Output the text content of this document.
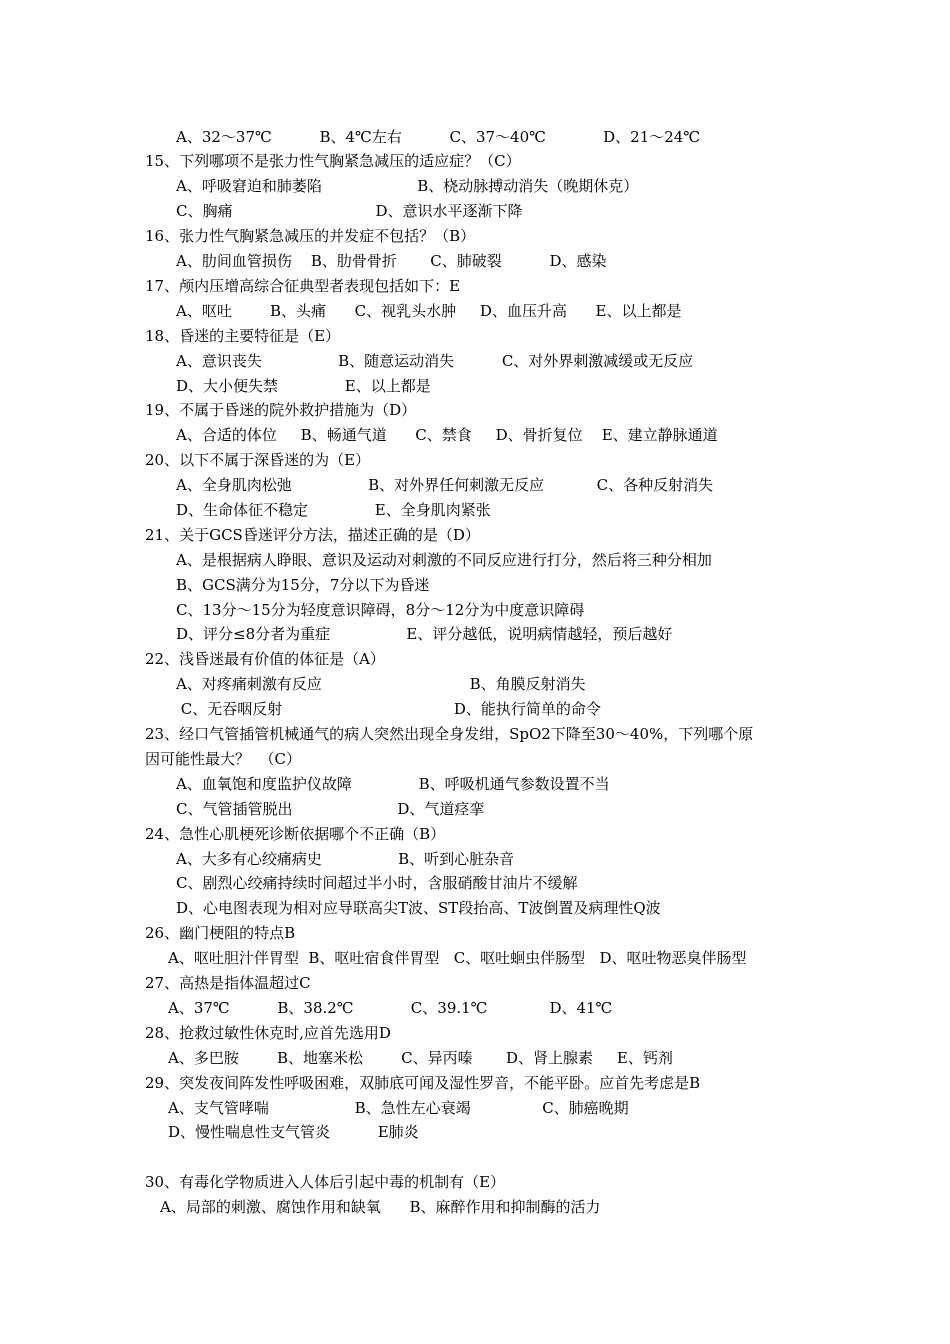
A、32～37℃          B、4℃左右          C、37～40℃            D、21～24℃
15、下列哪项不是张力性气胸紧急减压的适应症？（C）
A、呼吸窘迫和肺萎陷                    B、桡动脉搏动消失（晚期休克）
C、胸痛                              D、意识水平逐渐下降
16、张力性气胸紧急减压的并发症不包括？（B）
A、肋间血管损伤    B、肋骨骨折       C、肺破裂          D、感染
17、颅内压增高综合征典型者表现包括如下：E
A、呕吐        B、头痛      C、视乳头水肿     D、血压升高      E、以上都是
18、昏迷的主要特征是（E）
A、意识丧失                B、随意运动消失          C、对外界刺激减缓或无反应
D、大小便失禁              E、以上都是
19、不属于昏迷的院外救护措施为（D）
A、合适的体位     B、畅通气道      C、禁食     D、骨折复位    E、建立静脉通道
20、以下不属于深昏迷的为（E）
A、全身肌肉松弛                B、对外界任何刺激无反应           C、各种反射消失
D、生命体征不稳定              E、全身肌肉紧张
21、关于GCS昏迷评分方法，描述正确的是（D）
A、是根据病人睁眼、意识及运动对刺激的不同反应进行打分，然后将三种分相加
B、GCS满分为15分，7分以下为昏迷
C、13分～15分为轻度意识障碍，8分～12分为中度意识障碍
D、评分≤8分者为重症                E、评分越低，说明病情越轻，预后越好
22、浅昏迷最有价值的体征是（A）
A、对疼痛刺激有反应                               B、角膜反射消失
C、无吞咽反射                                    D、能执行简单的命令
23、经口气管插管机械通气的病人突然出现全身发绀，SpO2下降至30～40%，下列哪个原
因可能性最大？  （C）
A、血氧饱和度监护仪故障              B、呼吸机通气参数设置不当
C、气管插管脱出                      D、气道痉挛
24、急性心肌梗死诊断依据哪个不正确（B）
A、大多有心绞痛病史                B、听到心脏杂音
C、剧烈心绞痛持续时间超过半小时，含服硝酸甘油片不缓解
D、心电图表现为相对应导联高尖T波、ST段抬高、T波倒置及病理性Q波
26、幽门梗阻的特点B
A、呕吐胆汁伴胃型  B、呕吐宿食伴胃型   C、呕吐蛔虫伴肠型   D、呕吐物恶臭伴肠型
27、高热是指体温超过C
A、37℃          B、38.2℃            C、39.1℃             D、41℃
28、抢救过敏性休克时,应首先选用D
A、多巴胺        B、地塞米松        C、异丙嗪       D、肾上腺素     E、钙剂
29、突发夜间阵发性呼吸困难，双肺底可闻及湿性罗音，不能平卧。应首先考虑是B
A、支气管哮喘                  B、急性左心衰竭               C、肺癌晚期
D、慢性喘息性支气管炎          E肺炎
30、有毒化学物质进入人体后引起中毒的机制有（E）
A、局部的刺激、腐蚀作用和缺氧      B、麻醉作用和抑制酶的活力
